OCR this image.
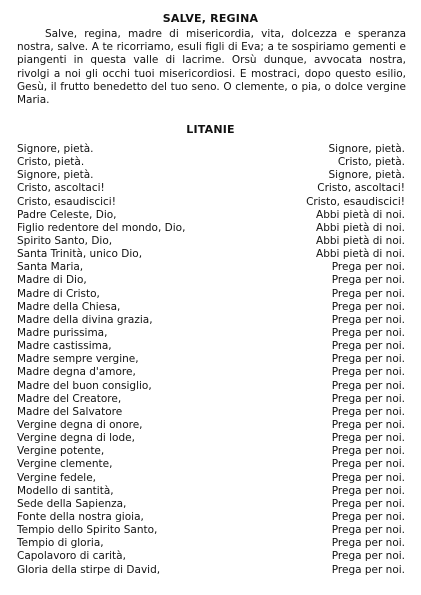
SALVE, REGINA

Salve, regina, madre di misericordia, vita, dolcezza e speranza nostra, salve. A te ricorriamo, esuli figli di Eva; a te sospiriamo gementi e piangenti in questa valle di lacrime. Orsù dunque, avvocata nostra, rivolgi a noi gli occhi tuoi misericordiosi. E mostraci, dopo questo esilio, Gesù, il frutto benedetto del tuo seno. O clemente, o pia, o dolce vergine Maria.

LITANIE
Signore, pietà.	Signore, pietà.
Cristo, pietà.	Cristo, pietà.
Signore, pietà.	Signore, pietà.
Cristo, ascoltaci!	Cristo, ascoltaci!
Cristo, esaudiscici!	Cristo, esaudiscici!
Padre Celeste, Dio,	Abbi pietà di noi.
Figlio redentore del mondo, Dio,	Abbi pietà di noi.
Spirito Santo, Dio,	Abbi pietà di noi.
Santa Trinità, unico Dio,	Abbi pietà di noi.
Santa Maria,	Prega per noi.
Madre di Dio,	Prega per noi.
Madre di Cristo,	Prega per noi.
Madre della Chiesa,	Prega per noi.
Madre della divina grazia,	Prega per noi.
Madre purissima,	Prega per noi.
Madre castissima,	Prega per noi.
Madre sempre vergine,	Prega per noi.
Madre degna d'amore,	Prega per noi.
Madre del buon consiglio,	Prega per noi.
Madre del Creatore,	Prega per noi.
Madre del Salvatore	Prega per noi.
Vergine degna di onore,	Prega per noi.
Vergine degna di lode,	Prega per noi.
Vergine potente,	Prega per noi.
Vergine clemente,	Prega per noi.
Vergine fedele,	Prega per noi.
Modello di santità,	Prega per noi.
Sede della Sapienza,	Prega per noi.
Fonte della nostra gioia,	Prega per noi.
Tempio dello Spirito Santo,	Prega per noi.
Tempio di gloria,	Prega per noi.
Capolavoro di carità,	Prega per noi.
Gloria della stirpe di David,	Prega per noi.
